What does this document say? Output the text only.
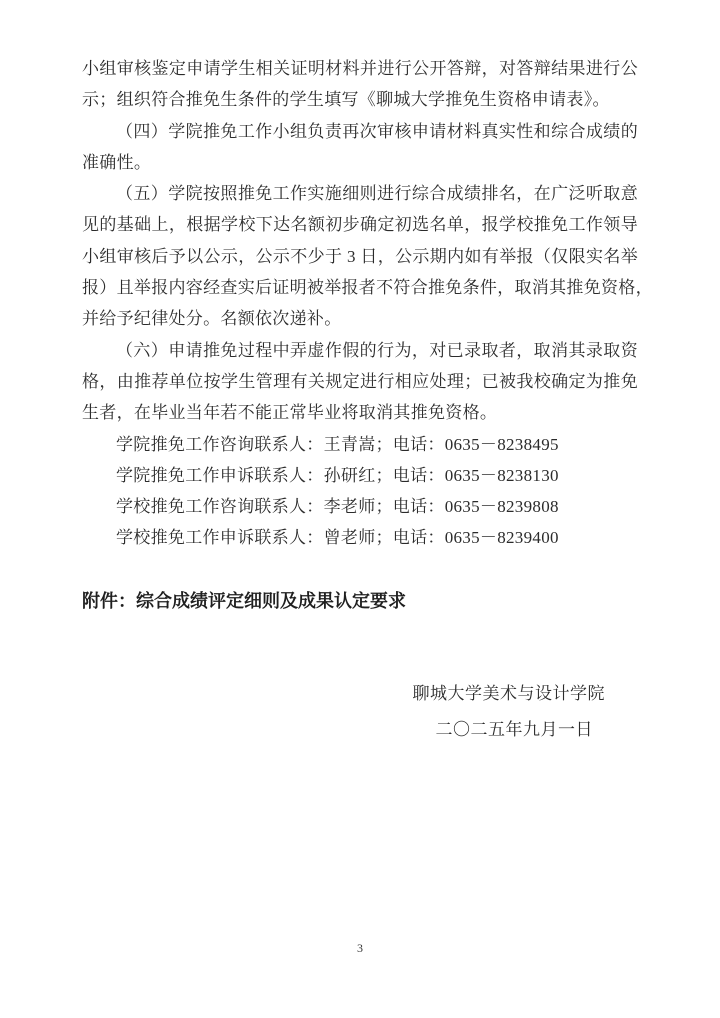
小组审核鉴定申请学生相关证明材料并进行公开答辩，对答辩结果进行公
示；组织符合推免生条件的学生填写《聊城大学推免生资格申请表》。
（四）学院推免工作小组负责再次审核申请材料真实性和综合成绩的
准确性。
（五）学院按照推免工作实施细则进行综合成绩排名，在广泛听取意
见的基础上，根据学校下达名额初步确定初选名单，报学校推免工作领导
小组审核后予以公示，公示不少于 3 日，公示期内如有举报（仅限实名举
报）且举报内容经查实后证明被举报者不符合推免条件，取消其推免资格，
并给予纪律处分。名额依次递补。
（六）申请推免过程中弄虚作假的行为，对已录取者，取消其录取资
格，由推荐单位按学生管理有关规定进行相应处理；已被我校确定为推免
生者，在毕业当年若不能正常毕业将取消其推免资格。
学院推免工作咨询联系人：王青嵩；电话：0635－8238495
学院推免工作申诉联系人：孙研红；电话：0635－8238130
学校推免工作咨询联系人：李老师；电话：0635－8239808
学校推免工作申诉联系人：曾老师；电话：0635－8239400
附件：综合成绩评定细则及成果认定要求
聊城大学美术与设计学院
二〇二五年九月一日
3
